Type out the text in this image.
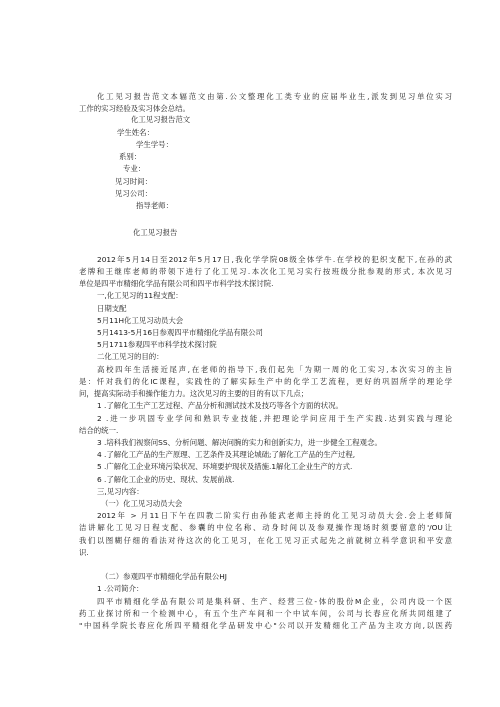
化工见习报告范文本辐范文由第.公文整理化工类专业的应届毕业生,派发到见习单位实习
工作的实习经验及实习体会总结。
化工见习报告范文
学生姓名：
学生学号：
系别：
专业：
见习时间：
见习公司：
指导老师：
化工见习报告
2012年5月14日至2012年5月17日,我化学学院08级全体学牛.在学校的犯织支配下,在孙的武
老牌和王继库老师的带领下进行了化工见习.本次化工见习实行按班级分批参观的形式, 本次见习
单位是四平市精细化学品有限公司和四平市科学技术探讨院.
一,化工见习的11程支配：
日期支配
5月11H化工见习动员大会
5月1413-5月16日参观四平市精细化学品有限公司
5月1711参观四平市科学技术探讨院
二化工见习的目的：
高校四年生活接近尾声,在老师的指导下,我们起先「为期一周的化工实习,本次实习的主旨
是：忏对我们的化IC课程，实践性的了解实际生产中的化学工艺流程，更好的巩固所学的理论学
问，提高实际动手和操作能力力。这次见习的主要的目的有以下几点；
1 .了解化工生产工艺过程、产品分析和测试技术及技巧等各个方面的状况。
2 .进一步巩固专业学问和熟识专业技能,并把理论学问应用于生产实践.达到实践与理论
结合的统一.
3 .培科我们视察问SS、分析问题、解决问腕的实力和创新实力，进一步健全工程观念。
4 .了解化工产品的生产原理、工艺条件及其理论城础;了解化工产品的生产过程,
5 .广解化工企业环境污染状况、环境要护现状及措施.1解化工企业生产的方式.
6 .了解化工企业的历史、现状、发展前战.
三,见习内容：
（一）化工见习动员大会
2012年 > 月11日下午在四教二阶实行由孙能武老师主持的化工见习动员大会.会上老师简
洁讲解化工见习日程支配、参囊的中位名称、动身时间以及参观操作现场时须要留意的'/OU让
我们以图糊仔细的看法对待这次的化工见习，在化工见习正式起先之前就树立科学意识和平安意
识.
（二）参观四平市精细化学品有限公HJ
1 .公司简介：
四平市精细化学品有限公司是集科研、生产、经营三位-体的股份M企业，公司内设一个医
药工业探讨所和一个检测中心，有五个生产车间和一个中试车间，公司与长春应化所共同组建了
"中国科学院长春应化所四平精细化学品研发中心"公司以开发精细化工产品为主攻方向,以医药
